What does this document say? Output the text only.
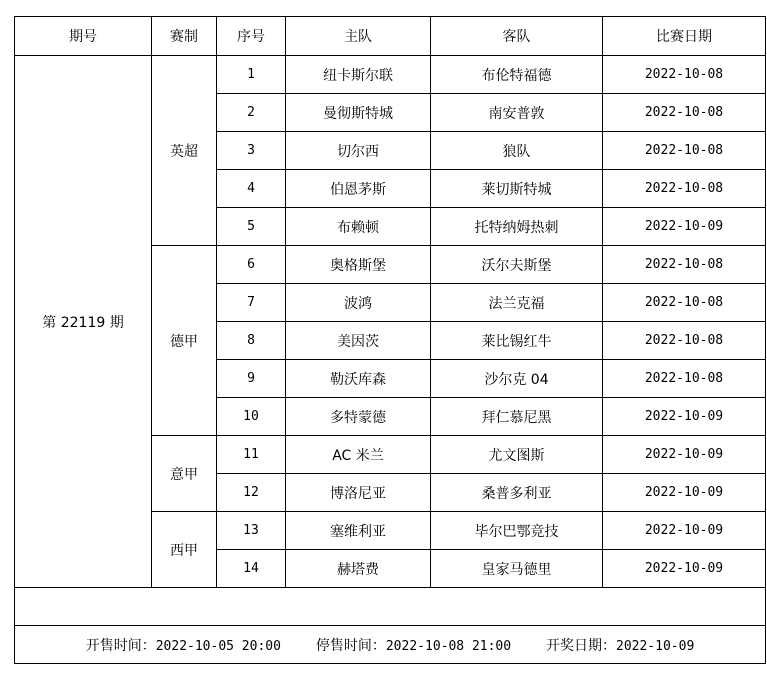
期号	赛制	序号	主队	客队	比赛日期
第 22119 期	英超	1	纽卡斯尔联	布伦特福德	2022-10-08
		2	曼彻斯特城	南安普敦	2022-10-08
		3	切尔西	狼队	2022-10-08
		4	伯恩茅斯	莱切斯特城	2022-10-08
		5	布赖顿	托特纳姆热刺	2022-10-09
	德甲	6	奥格斯堡	沃尔夫斯堡	2022-10-08
		7	波鸿	法兰克福	2022-10-08
		8	美因茨	莱比锡红牛	2022-10-08
		9	勒沃库森	沙尔克 04	2022-10-08
		10	多特蒙德	拜仁慕尼黑	2022-10-09
	意甲	11	AC 米兰	尤文图斯	2022-10-09
		12	博洛尼亚	桑普多利亚	2022-10-09
	西甲	13	塞维利亚	毕尔巴鄂竞技	2022-10-09
		14	赫塔费	皇家马德里	2022-10-09

开售时间：2022-10-05 20:00 停售时间：2022-10-08 21:00 开奖日期：2022-10-09					
